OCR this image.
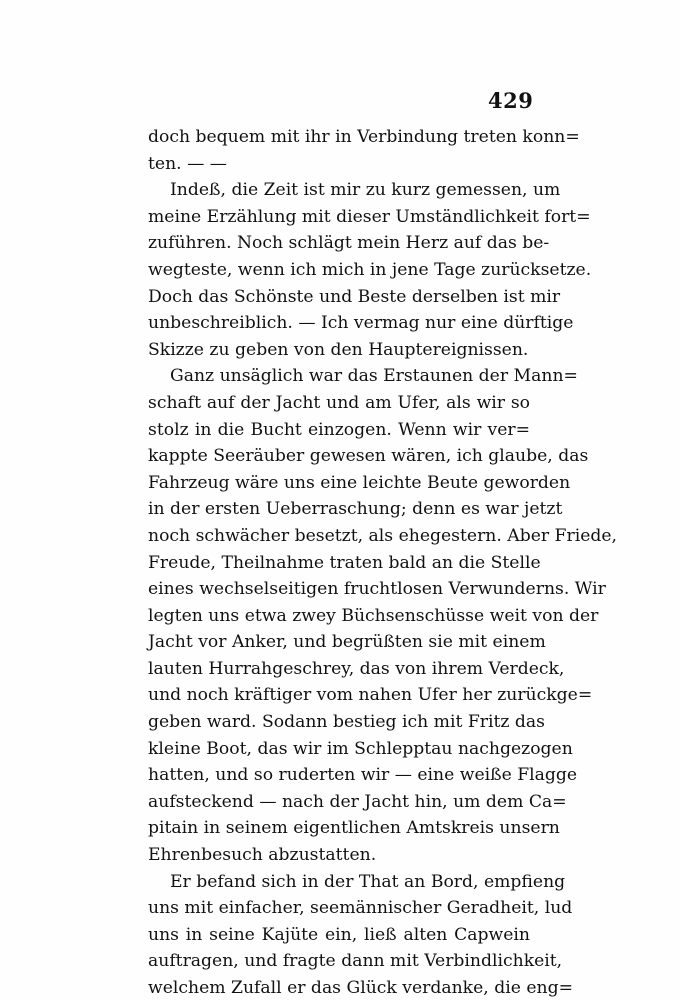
429
doch bequem mit ihr in Verbindung treten konn=
ten. — —
Indeß, die Zeit ist mir zu kurz gemessen, um
meine Erzählung mit dieser Umständlichkeit fort=
zuführen. Noch schlägt mein Herz auf das be-
wegteste, wenn ich mich in jene Tage zurücksetze.
Doch das Schönste und Beste derselben ist mir
unbeschreiblich. — Ich vermag nur eine dürftige
Skizze zu geben von den Hauptereignissen.
Ganz unsäglich war das Erstaunen der Mann=
schaft auf der Jacht und am Ufer, als wir so
stolz in die Bucht einzogen. Wenn wir ver=
kappte Seeräuber gewesen wären, ich glaube, das
Fahrzeug wäre uns eine leichte Beute geworden
in der ersten Ueberraschung; denn es war jetzt
noch schwächer besetzt, als ehegestern. Aber Friede,
Freude, Theilnahme traten bald an die Stelle
eines wechselseitigen fruchtlosen Verwunderns. Wir
legten uns etwa zwey Büchsenschüsse weit von der
Jacht vor Anker, und begrüßten sie mit einem
lauten Hurrahgeschrey, das von ihrem Verdeck,
und noch kräftiger vom nahen Ufer her zurückge=
geben ward. Sodann bestieg ich mit Fritz das
kleine Boot, das wir im Schlepptau nachgezogen
hatten, und so ruderten wir — eine weiße Flagge
aufsteckend — nach der Jacht hin, um dem Ca=
pitain in seinem eigentlichen Amtskreis unsern
Ehrenbesuch abzustatten.
Er befand sich in der That an Bord, empfieng
uns mit einfacher, seemännischer Geradheit, lud
uns in seine Kajüte ein, ließ alten Capwein
auftragen, und fragte dann mit Verbindlichkeit,
welchem Zufall er das Glück verdanke, die eng=
